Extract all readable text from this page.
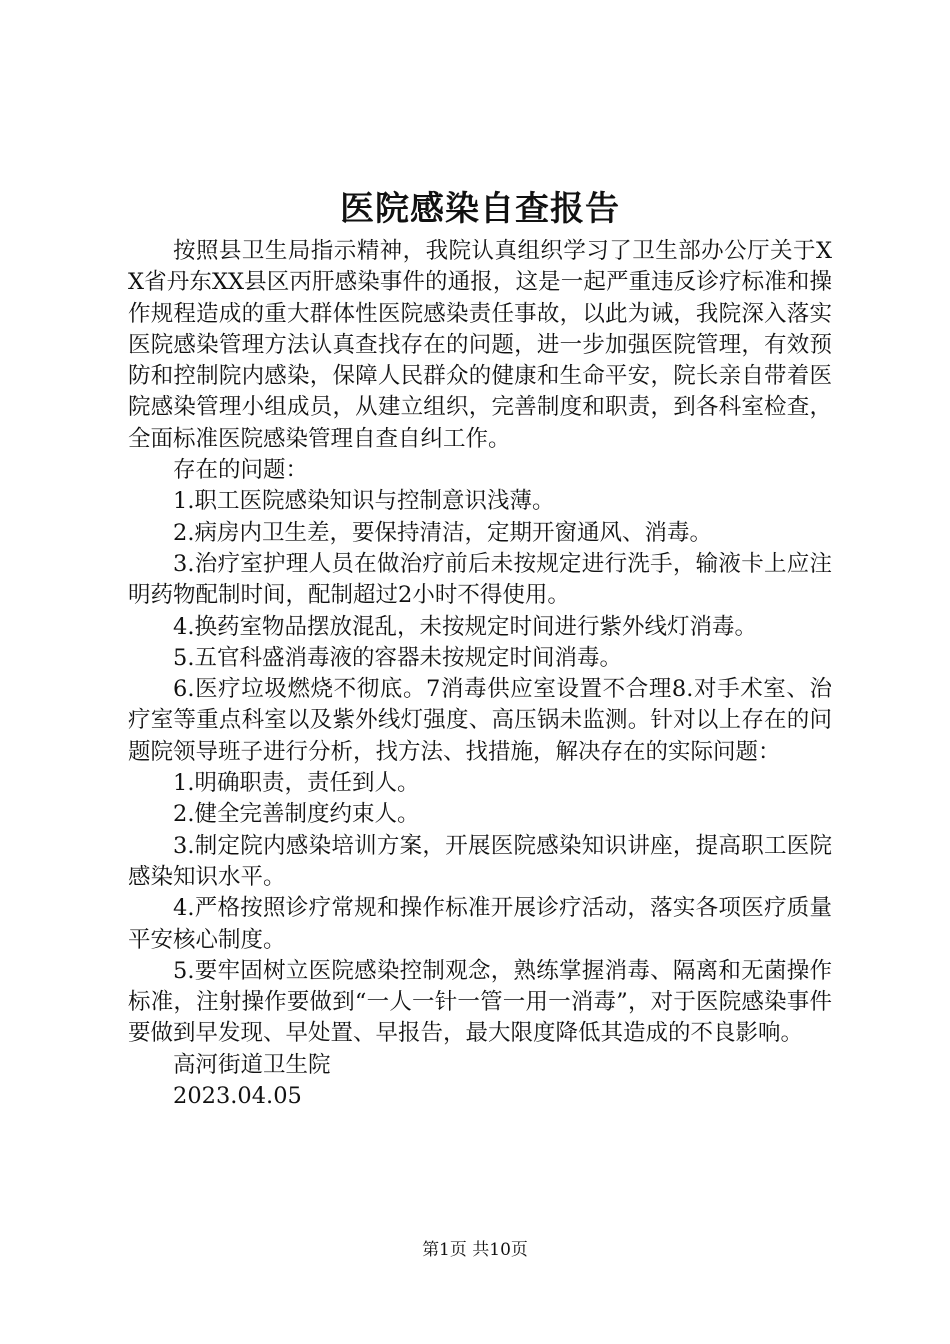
医院感染自查报告

按照县卫生局指示精神，我院认真组织学习了卫生部办公厅关于XX省丹东XX县区丙肝感染事件的通报，这是一起严重违反诊疗标准和操作规程造成的重大群体性医院感染责任事故，以此为诫，我院深入落实医院感染管理方法认真查找存在的问题，进一步加强医院管理，有效预防和控制院内感染，保障人民群众的健康和生命平安，院长亲自带着医院感染管理小组成员，从建立组织，完善制度和职责，到各科室检查，全面标准医院感染管理自查自纠工作。

存在的问题：

1.职工医院感染知识与控制意识浅薄。

2.病房内卫生差，要保持清洁，定期开窗通风、消毒。

3.治疗室护理人员在做治疗前后未按规定进行洗手，输液卡上应注明药物配制时间，配制超过2小时不得使用。

4.换药室物品摆放混乱，未按规定时间进行紫外线灯消毒。

5.五官科盛消毒液的容器未按规定时间消毒。

6.医疗垃圾燃烧不彻底。7消毒供应室设置不合理8.对手术室、治疗室等重点科室以及紫外线灯强度、高压锅未监测。针对以上存在的问题院领导班子进行分析，找方法、找措施，解决存在的实际问题：

1.明确职责，责任到人。

2.健全完善制度约束人。

3.制定院内感染培训方案，开展医院感染知识讲座，提高职工医院感染知识水平。

4.严格按照诊疗常规和操作标准开展诊疗活动，落实各项医疗质量平安核心制度。

5.要牢固树立医院感染控制观念，熟练掌握消毒、隔离和无菌操作标准，注射操作要做到“一人一针一管一用一消毒”，对于医院感染事件要做到早发现、早处置、早报告，最大限度降低其造成的不良影响。

高河街道卫生院

2023.04.05

第1页 共10页
